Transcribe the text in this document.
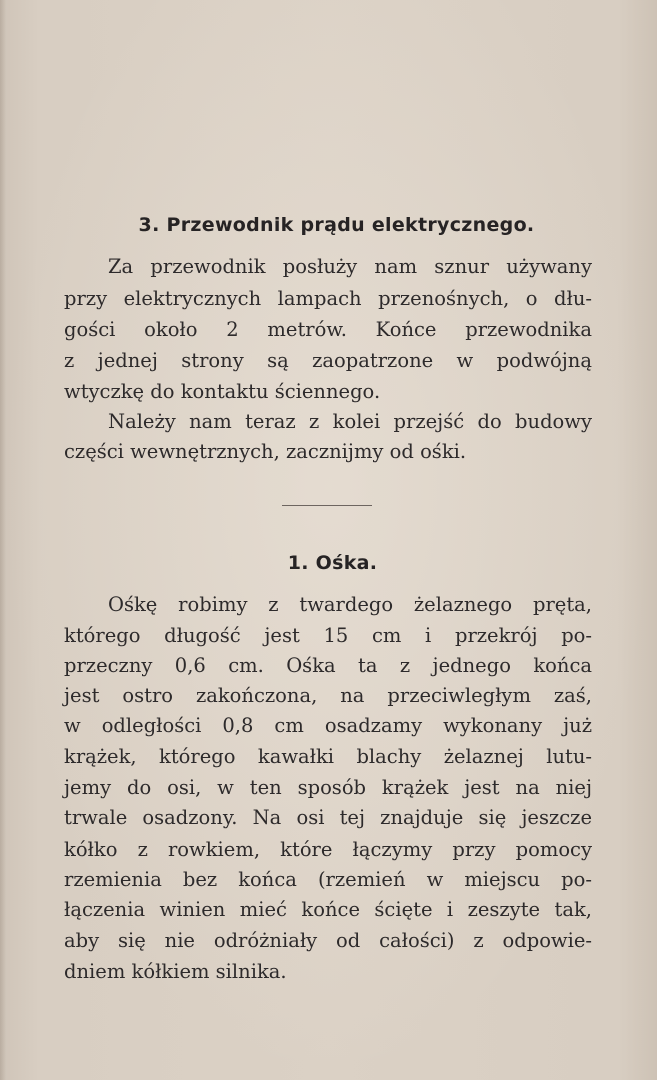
3. Przewodnik prądu elektrycznego.
Za przewodnik posłuży nam sznur używany
przy elektrycznych lampach przenośnych, o dłu-
gości około 2 metrów. Końce przewodnika
z jednej strony są zaopatrzone w podwójną
wtyczkę do kontaktu ściennego.
Należy nam teraz z kolei przejść do budowy
części wewnętrznych, zacznijmy od ośki.
1. Ośka.
Ośkę robimy z twardego żelaznego pręta,
którego długość jest 15 cm i przekrój po-
przeczny 0,6 cm. Ośka ta z jednego końca
jest ostro zakończona, na przeciwległym zaś,
w odległości 0,8 cm osadzamy wykonany już
krążek, którego kawałki blachy żelaznej lutu-
jemy do osi, w ten sposób krążek jest na niej
trwale osadzony. Na osi tej znajduje się jeszcze
kółko z rowkiem, które łączymy przy pomocy
rzemienia bez końca (rzemień w miejscu po-
łączenia winien mieć końce ścięte i zeszyte tak,
aby się nie odróżniały od całości) z odpowie-
dniem kółkiem silnika.
